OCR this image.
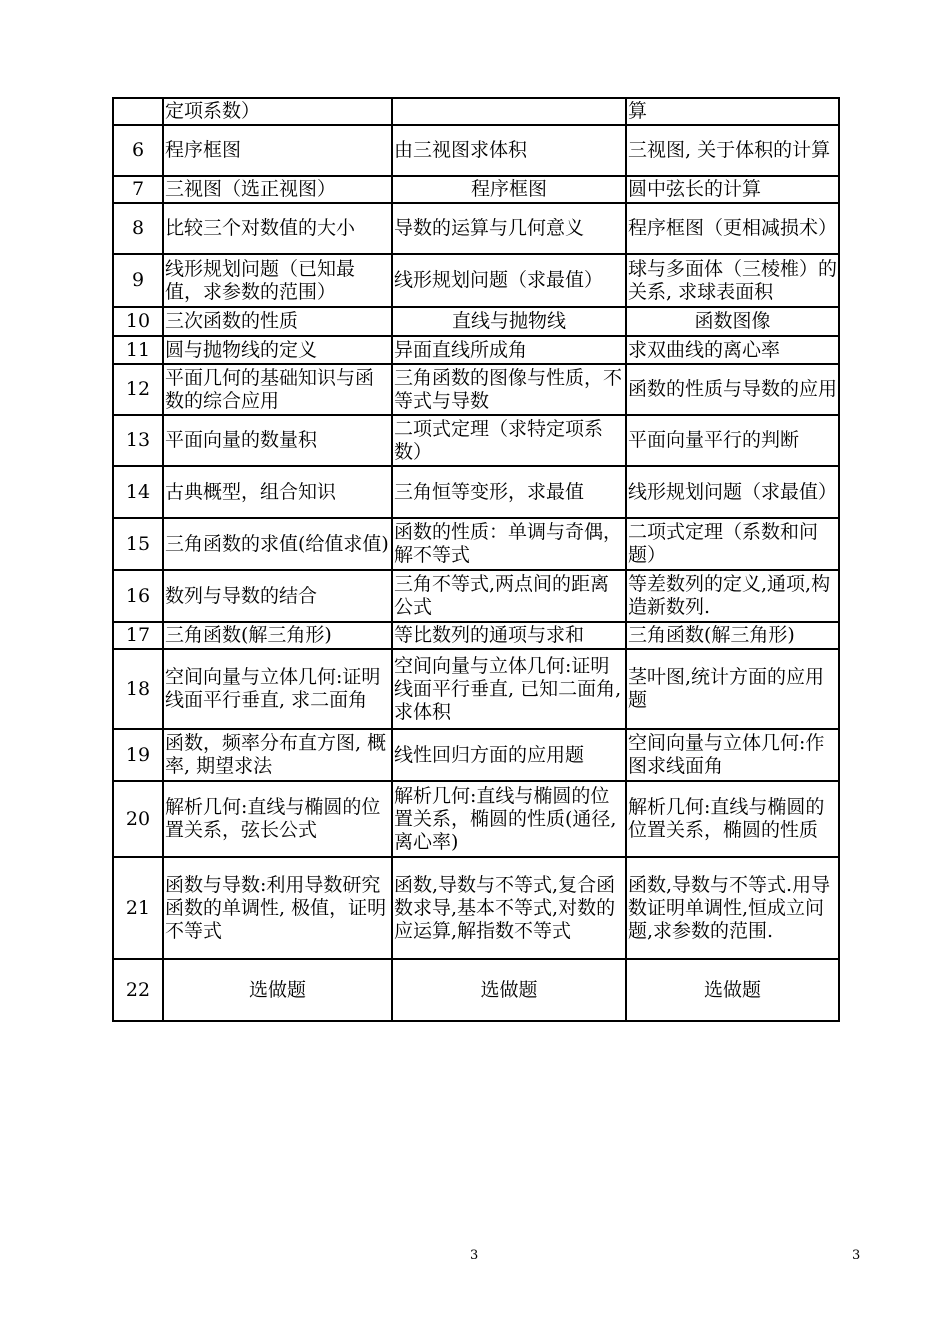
	定项系数）		算
6	程序框图	由三视图求体积	三视图, 关于体积的计算
7	三视图（选正视图）	程序框图	圆中弦长的计算
8	比较三个对数值的大小	导数的运算与几何意义	程序框图（更相减损术）
9	线形规划问题（已知最值，求参数的范围）	线形规划问题（求最值）	球与多面体（三棱椎）的关系, 求球表面积
10	三次函数的性质	直线与抛物线	函数图像
11	圆与抛物线的定义	异面直线所成角	求双曲线的离心率
12	平面几何的基础知识与函数的综合应用	三角函数的图像与性质，不等式与导数	函数的性质与导数的应用
13	平面向量的数量积	二项式定理（求特定项系数）	平面向量平行的判断
14	古典概型，组合知识	三角恒等变形，求最值	线形规划问题（求最值）
15	三角函数的求值(给值求值)	函数的性质：单调与奇偶，解不等式	二项式定理（系数和问题）
16	数列与导数的结合	三角不等式,两点间的距离公式	等差数列的定义,通项,构造新数列.
17	三角函数(解三角形)	等比数列的通项与求和	三角函数(解三角形)
18	空间向量与立体几何:证明线面平行垂直, 求二面角	空间向量与立体几何:证明线面平行垂直, 已知二面角, 求体积	茎叶图,统计方面的应用题
19	函数，频率分布直方图, 概率, 期望求法	线性回归方面的应用题	空间向量与立体几何:作图求线面角
20	解析几何:直线与椭圆的位置关系，弦长公式	解析几何:直线与椭圆的位置关系，椭圆的性质(通径,离心率)	解析几何:直线与椭圆的位置关系，椭圆的性质
21	函数与导数:利用导数研究函数的单调性, 极值，证明不等式	函数,导数与不等式,复合函数求导,基本不等式,对数的应运算,解指数不等式	函数,导数与不等式.用导数证明单调性,恒成立问题,求参数的范围.
22	选做题	选做题	选做题
3	3
